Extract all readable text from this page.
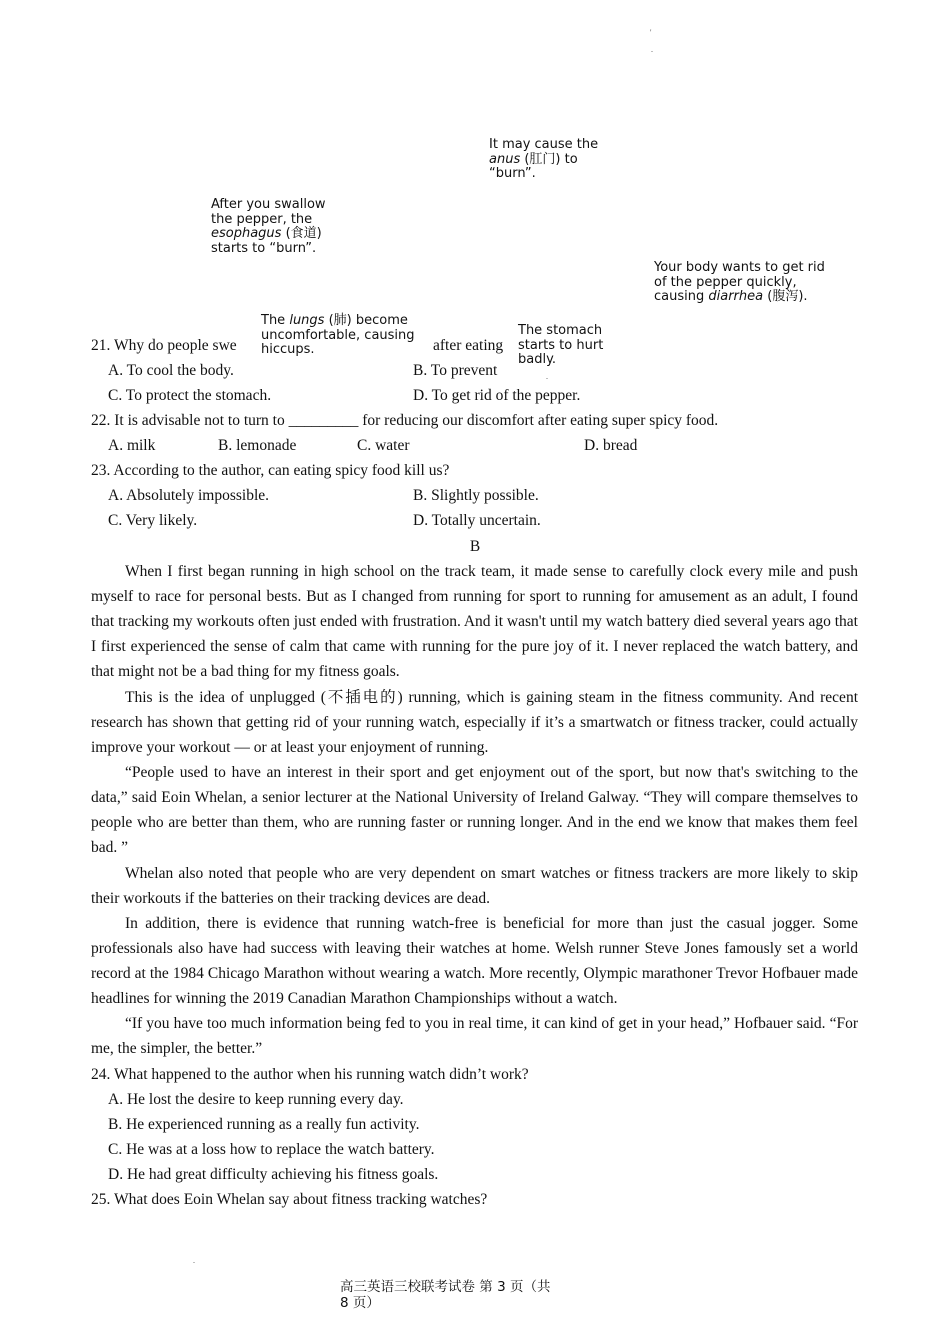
'
.
It may cause the
anus (肛门) to “burn”.
After you swallow the pepper, the esophagus (食道) starts to “burn”.
Your body wants to get rid of the pepper quickly, causing diarrhea (腹泻).
The lungs (肺) become uncomfortable, causing hiccups.
The stomach starts to hurt badly.
.
21. Why do people swe	after eating
A. To cool the body.	B. To prevent
C. To protect the stomach.	D. To get rid of the pepper.
22. It is advisable not to turn to _________ for reducing our discomfort after eating super spicy food.
A. milk	B. lemonade	C. water	D. bread
23. According to the author, can eating spicy food kill us?
A. Absolutely impossible.	B. Slightly possible.
C. Very likely.	D. Totally uncertain.
B

When I first began running in high school on the track team, it made sense to carefully clock every mile and push myself to race for personal bests. But as I changed from running for sport to running for amusement as an adult, I found that tracking my workouts often just ended with frustration. And it wasn't until my watch battery died several years ago that I first experienced the sense of calm that came with running for the pure joy of it. I never replaced the watch battery, and that might not be a bad thing for my fitness goals.

This is the idea of unplugged (不插电的) running, which is gaining steam in the fitness community. And recent research has shown that getting rid of your running watch, especially if it’s a smartwatch or fitness tracker, could actually improve your workout — or at least your enjoyment of running.

“People used to have an interest in their sport and get enjoyment out of the sport, but now that's switching to the data,” said Eoin Whelan, a senior lecturer at the National University of Ireland Galway. “They will compare themselves to people who are better than them, who are running faster or running longer. And in the end we know that makes them feel bad. ”

Whelan also noted that people who are very dependent on smart watches or fitness trackers are more likely to skip their workouts if the batteries on their tracking devices are dead.

In addition, there is evidence that running watch-free is beneficial for more than just the casual jogger. Some professionals also have had success with leaving their watches at home. Welsh runner Steve Jones famously set a world record at the 1984 Chicago Marathon without wearing a watch. More recently, Olympic marathoner Trevor Hofbauer made headlines for winning the 2019 Canadian Marathon Championships without a watch.

“If you have too much information being fed to you in real time, it can kind of get in your head,” Hofbauer said. “For me, the simpler, the better.”

24. What happened to the author when his running watch didn’t work?
A. He lost the desire to keep running every day.
B. He experienced running as a really fun activity.
C. He was at a loss how to replace the watch battery.
D. He had great difficulty achieving his fitness goals.
25. What does Eoin Whelan say about fitness tracking watches?
.
高三英语三校联考试卷 第 3 页（共
8 页）
